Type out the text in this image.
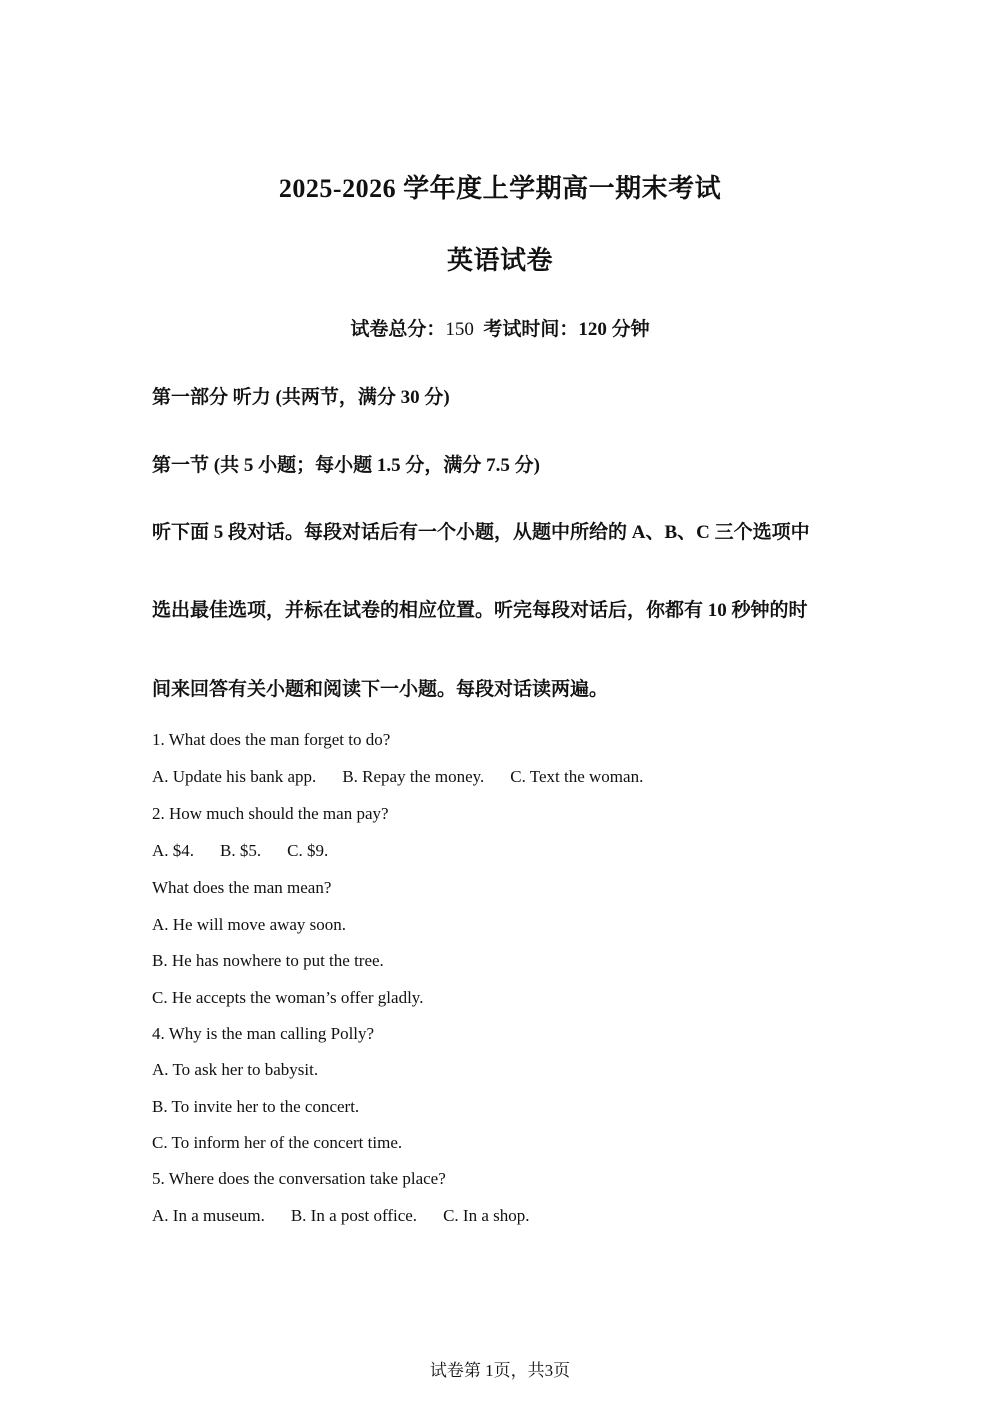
2025-2026 学年度上学期高一期末考试
英语试卷
试卷总分：150 考试时间：120 分钟
第一部分 听力 (共两节，满分 30 分)
第一节 (共 5 小题；每小题 1.5 分，满分 7.5 分)
听下面 5 段对话。每段对话后有一个小题，从题中所给的 A、B、C 三个选项中
选出最佳选项，并标在试卷的相应位置。听完每段对话后，你都有 10 秒钟的时
间来回答有关小题和阅读下一小题。每段对话读两遍。
1. What does the man forget to do?
A. Update his bank app. B. Repay the money. C. Text the woman.
2. How much should the man pay?
A. $4. B. $5. C. $9.
What does the man mean?
A. He will move away soon.
B. He has nowhere to put the tree.
C. He accepts the woman’s offer gladly.
4. Why is the man calling Polly?
A. To ask her to babysit.
B. To invite her to the concert.
C. To inform her of the concert time.
5. Where does the conversation take place?
A. In a museum. B. In a post office. C. In a shop.
试卷第 1页，共3页
